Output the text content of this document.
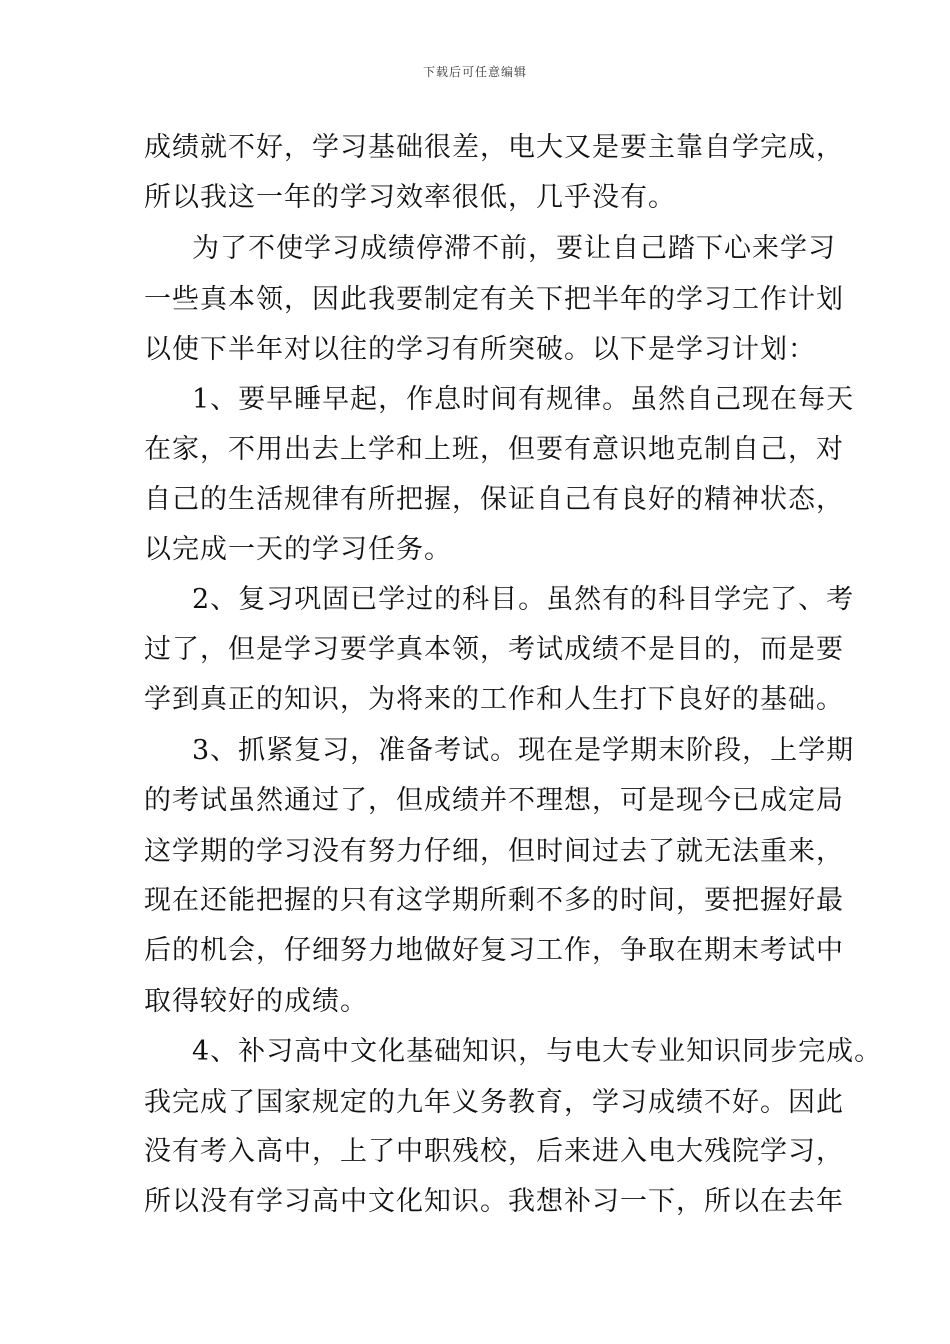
下载后可任意编辑
成绩就不好，学习基础很差，电大又是要主靠自学完成，
所以我这一年的学习效率很低，几乎没有。
为了不使学习成绩停滞不前，要让自己踏下心来学习
一些真本领，因此我要制定有关下把半年的学习工作计划
以使下半年对以往的学习有所突破。以下是学习计划：
1、要早睡早起，作息时间有规律。虽然自己现在每天
在家，不用出去上学和上班，但要有意识地克制自己，对
自己的生活规律有所把握，保证自己有良好的精神状态，
以完成一天的学习任务。
2、复习巩固已学过的科目。虽然有的科目学完了、考
过了，但是学习要学真本领，考试成绩不是目的，而是要
学到真正的知识，为将来的工作和人生打下良好的基础。
3、抓紧复习，准备考试。现在是学期末阶段，上学期
的考试虽然通过了，但成绩并不理想，可是现今已成定局
这学期的学习没有努力仔细，但时间过去了就无法重来，
现在还能把握的只有这学期所剩不多的时间，要把握好最
后的机会，仔细努力地做好复习工作，争取在期末考试中
取得较好的成绩。
4、补习高中文化基础知识，与电大专业知识同步完成。
我完成了国家规定的九年义务教育，学习成绩不好。因此
没有考入高中，上了中职残校，后来进入电大残院学习，
所以没有学习高中文化知识。我想补习一下，所以在去年
